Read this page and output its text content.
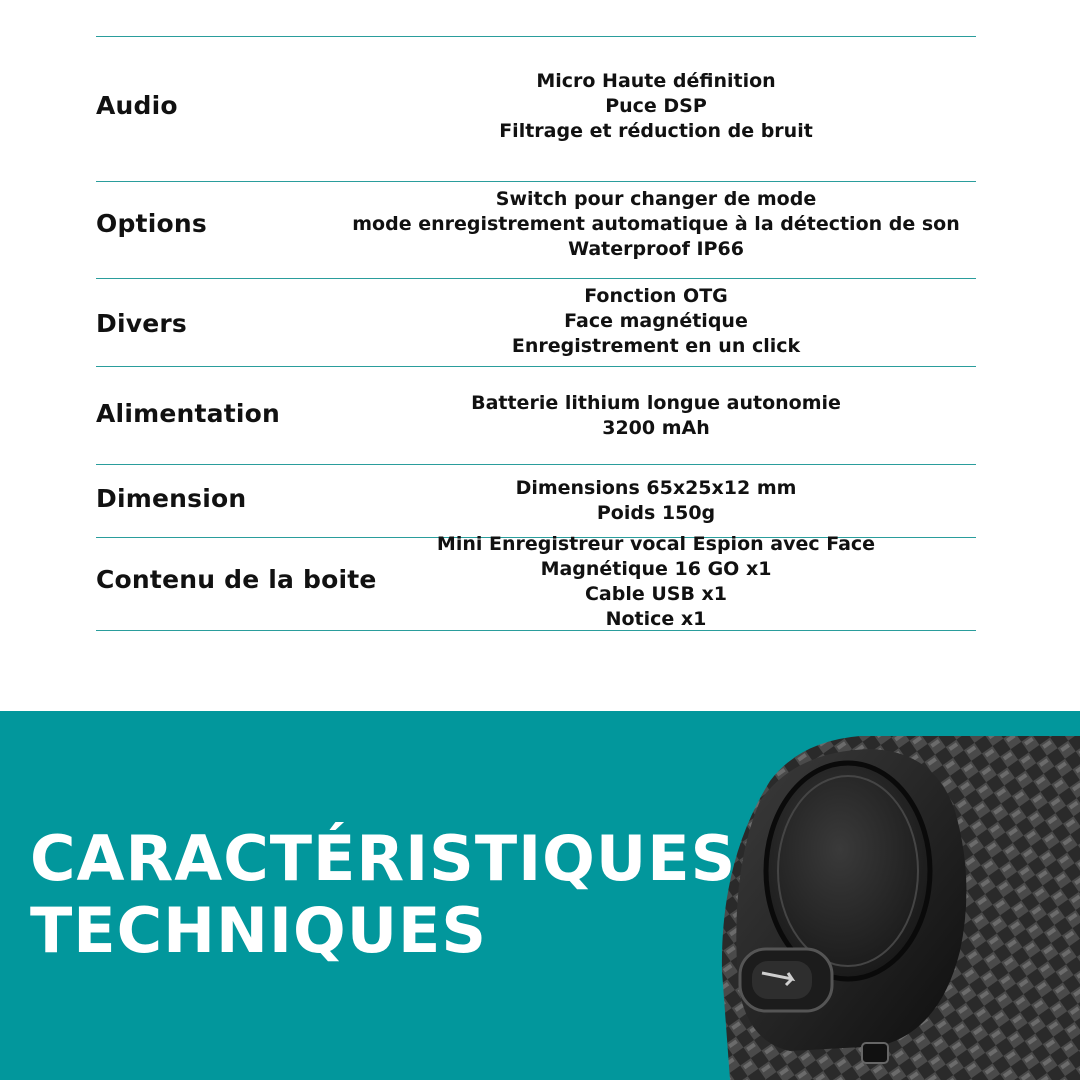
Audio
Micro Haute définition
Puce DSP
Filtrage et réduction de bruit
Options
Switch pour changer de mode
mode enregistrement automatique à la détection de son
Waterproof IP66
Divers
Fonction OTG
Face magnétique
Enregistrement en un click
Alimentation	Batterie lithium longue autonomie
3200 mAh
Dimension	Dimensions 65x25x12 mm
Poids 150g
Contenu de la boite
Mini Enregistreur vocal Espion avec Face
Magnétique 16 GO x1
Cable USB x1
Notice x1
CARACTÉRISTIQUES
TECHNIQUES
